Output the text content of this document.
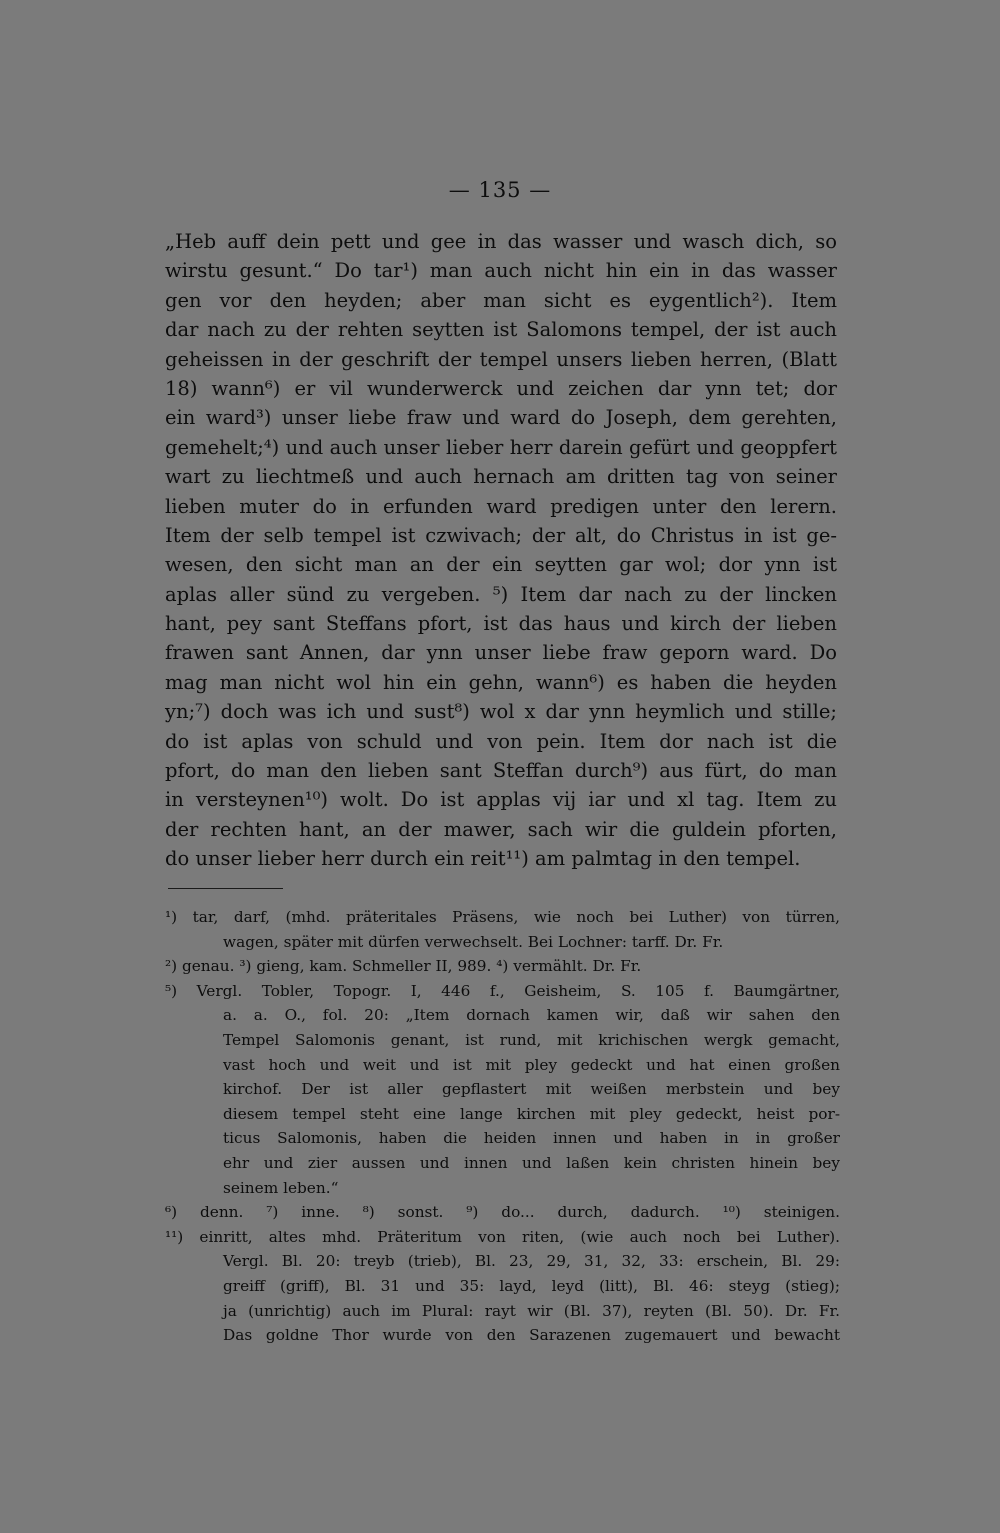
— 135 —
„Heb auff dein pett und gee in das wasser und wasch dich, so
wirstu gesunt.“ Do tar¹) man auch nicht hin ein in das wasser
gen vor den heyden; aber man sicht es eygentlich²). Item
dar nach zu der rehten seytten ist Salomons tempel, der ist auch
geheissen in der geschrift der tempel unsers lieben herren, (Blatt
18) wann⁶) er vil wunderwerck und zeichen dar ynn tet; dor
ein ward³) unser liebe fraw und ward do Joseph, dem gerehten,
gemehelt;⁴) und auch unser lieber herr darein gefürt und geoppfert
wart zu liechtmeß und auch hernach am dritten tag von seiner
lieben muter do in erfunden ward predigen unter den lerern.
Item der selb tempel ist czwivach; der alt, do Christus in ist ge-
wesen, den sicht man an der ein seytten gar wol; dor ynn ist
aplas aller sünd zu vergeben. ⁵) Item dar nach zu der lincken
hant, pey sant Steffans pfort, ist das haus und kirch der lieben
frawen sant Annen, dar ynn unser liebe fraw geporn ward. Do
mag man nicht wol hin ein gehn, wann⁶) es haben die heyden
yn;⁷) doch was ich und sust⁸) wol x dar ynn heymlich und stille;
do ist aplas von schuld und von pein. Item dor nach ist die
pfort, do man den lieben sant Steffan durch⁹) aus fürt, do man
in versteynen¹⁰) wolt. Do ist applas vij iar und xl tag. Item zu
der rechten hant, an der mawer, sach wir die guldein pforten,
do unser lieber herr durch ein reit¹¹) am palmtag in den tempel.
¹) tar, darf, (mhd. präteritales Präsens, wie noch bei Luther) von türren,
wagen, später mit dürfen verwechselt. Bei Lochner: tarff. Dr. Fr.
²) genau. ³) gieng, kam. Schmeller II, 989. ⁴) vermählt. Dr. Fr.
⁵) Vergl. Tobler, Topogr. I, 446 f., Geisheim, S. 105 f. Baumgärtner,
a. a. O., fol. 20: „Item dornach kamen wir, daß wir sahen den
Tempel Salomonis genant, ist rund, mit krichischen wergk gemacht,
vast hoch und weit und ist mit pley gedeckt und hat einen großen
kirchof. Der ist aller gepflastert mit weißen merbstein und bey
diesem tempel steht eine lange kirchen mit pley gedeckt, heist por-
ticus Salomonis, haben die heiden innen und haben in in großer
ehr und zier aussen und innen und laßen kein christen hinein bey
seinem leben.“
⁶) denn. ⁷) inne. ⁸) sonst. ⁹) do... durch, dadurch. ¹⁰) steinigen.
¹¹) einritt, altes mhd. Präteritum von riten, (wie auch noch bei Luther).
Vergl. Bl. 20: treyb (trieb), Bl. 23, 29, 31, 32, 33: erschein, Bl. 29:
greiff (griff), Bl. 31 und 35: layd, leyd (litt), Bl. 46: steyg (stieg);
ja (unrichtig) auch im Plural: rayt wir (Bl. 37), reyten (Bl. 50). Dr. Fr.
Das goldne Thor wurde von den Sarazenen zugemauert und bewacht
